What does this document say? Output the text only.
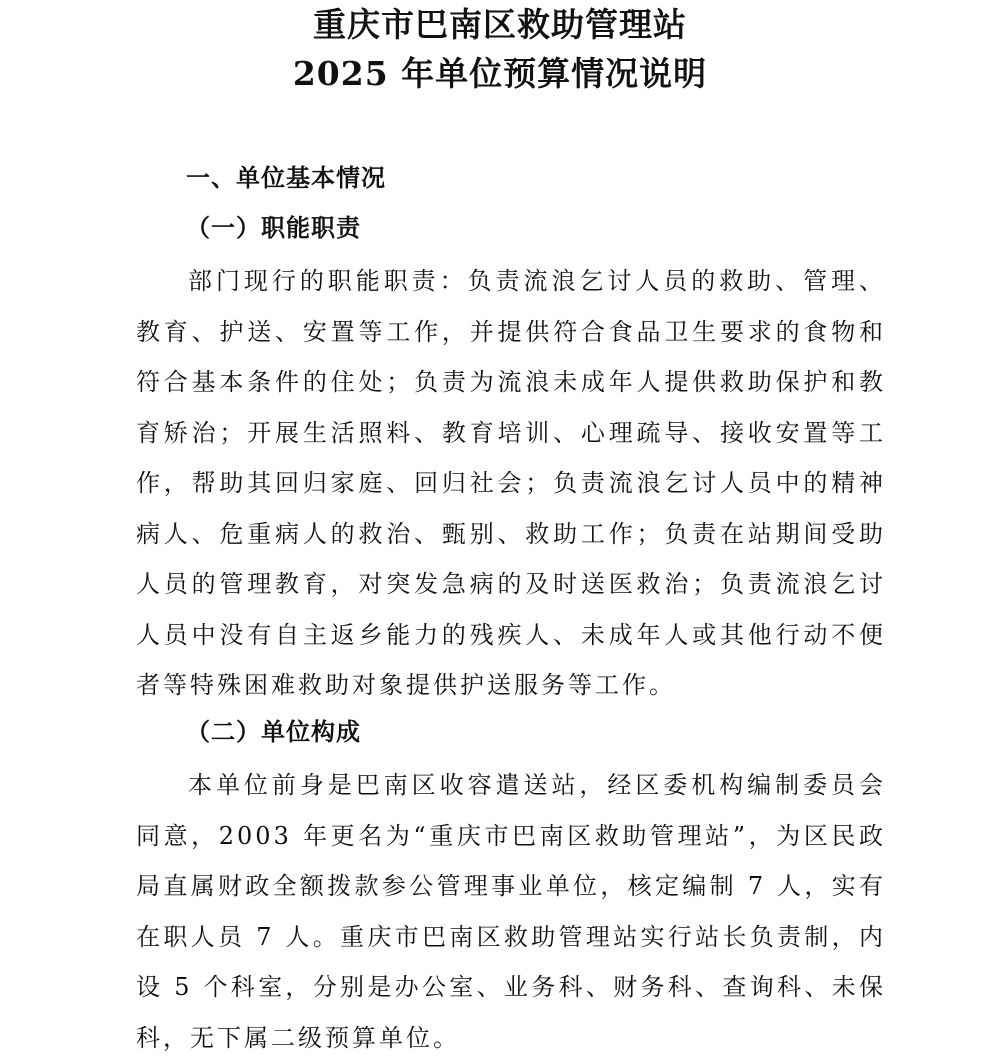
重庆市巴南区救助管理站
2025 年单位预算情况说明
一、单位基本情况
（一）职能职责

部门现行的职能职责：负责流浪乞讨人员的救助、管理、教育、护送、安置等工作，并提供符合食品卫生要求的食物和符合基本条件的住处；负责为流浪未成年人提供救助保护和教育矫治；开展生活照料、教育培训、心理疏导、接收安置等工作，帮助其回归家庭、回归社会；负责流浪乞讨人员中的精神病人、危重病人的救治、甄别、救助工作；负责在站期间受助人员的管理教育，对突发急病的及时送医救治；负责流浪乞讨人员中没有自主返乡能力的残疾人、未成年人或其他行动不便者等特殊困难救助对象提供护送服务等工作。

（二）单位构成

本单位前身是巴南区收容遣送站，经区委机构编制委员会同意，2003 年更名为“重庆市巴南区救助管理站”，为区民政局直属财政全额拨款参公管理事业单位，核定编制 7 人，实有在职人员 7 人。重庆市巴南区救助管理站实行站长负责制，内设 5 个科室，分别是办公室、业务科、财务科、查询科、未保科，无下属二级预算单位。
